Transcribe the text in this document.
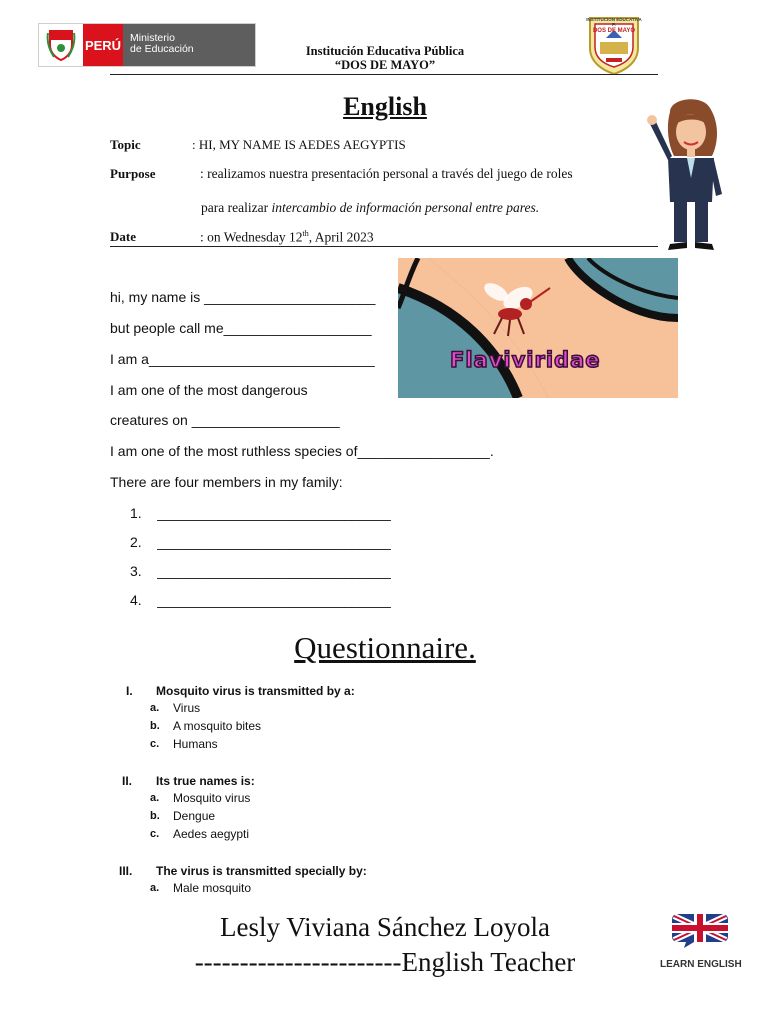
PERÚ Ministerio
de Educación	Institución Educativa Pública
“DOS DE MAYO”
INSTITUCION EDUCATIVA P.
DOS DE MAYO
English
Topic	: HI, MY NAME IS AEDES AEGYPTIS
Purpose	: realizamos nuestra presentación personal a través del juego de roles
para realizar intercambio de información personal entre pares.
Date	: on Wednesday 12th, April 2023
hi, my name is ______________________
but people call me___________________
I am a_____________________________
I am one of the most dangerous
creatures on ___________________
I am one of the most ruthless species of_________________.
There are four members in my family:
1.    ______________________________
2.    ______________________________
3.    ______________________________
4.    ______________________________
Flaviviridae
Questionnaire.
I. Mosquito virus is transmitted by a:
a. Virus
b. A mosquito bites
c. Humans
II. Its true names is:
a. Mosquito virus
b. Dengue
c. Aedes aegypti
III. The virus is transmitted specially by:
a. Male mosquito
Lesly Viviana Sánchez Loyola
-----------------------English Teacher	LEARN ENGLISH
